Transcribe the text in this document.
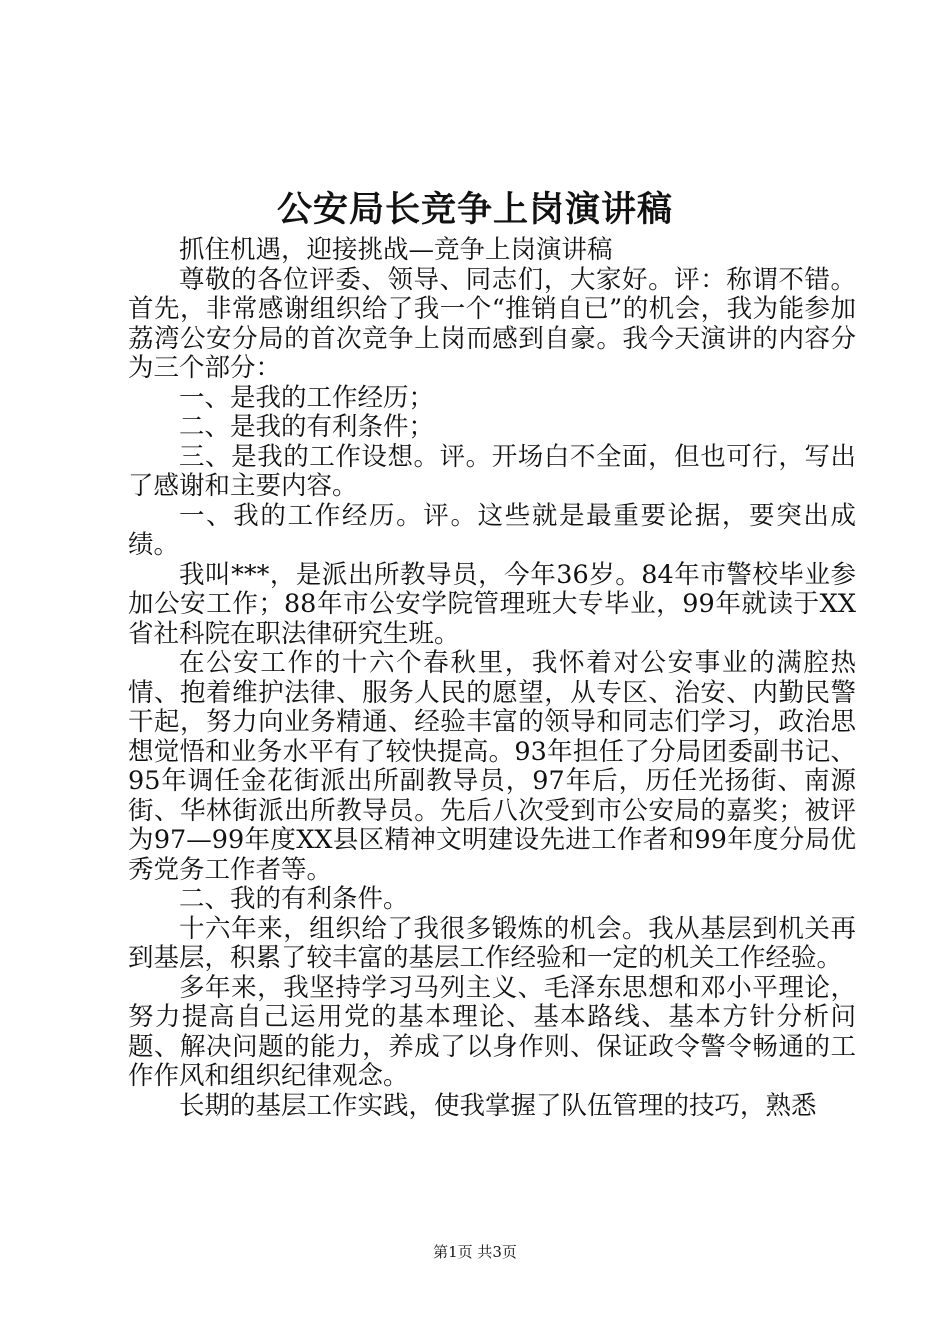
公安局长竞争上岗演讲稿

抓住机遇，迎接挑战—竞争上岗演讲稿

尊敬的各位评委、领导、同志们，大家好。评：称谓不错。首先，非常感谢组织给了我一个“推销自已”的机会，我为能参加荔湾公安分局的首次竞争上岗而感到自豪。我今天演讲的内容分为三个部分：

一、是我的工作经历；

二、是我的有利条件；

三、是我的工作设想。评。开场白不全面，但也可行，写出了感谢和主要内容。

一、我的工作经历。评。这些就是最重要论据，要突出成绩。

我叫***，是派出所教导员，今年36岁。84年市警校毕业参加公安工作；88年市公安学院管理班大专毕业，99年就读于XX省社科院在职法律研究生班。

在公安工作的十六个春秋里，我怀着对公安事业的满腔热情、抱着维护法律、服务人民的愿望，从专区、治安、内勤民警干起，努力向业务精通、经验丰富的领导和同志们学习，政治思想觉悟和业务水平有了较快提高。93年担任了分局团委副书记、95年调任金花街派出所副教导员，97年后，历任光扬街、南源街、华林街派出所教导员。先后八次受到市公安局的嘉奖；被评为97—99年度XX县区精神文明建设先进工作者和99年度分局优秀党务工作者等。

二、我的有利条件。

十六年来，组织给了我很多锻炼的机会。我从基层到机关再到基层，积累了较丰富的基层工作经验和一定的机关工作经验。

多年来，我坚持学习马列主义、毛泽东思想和邓小平理论，努力提高自己运用党的基本理论、基本路线、基本方针分析问题、解决问题的能力，养成了以身作则、保证政令警令畅通的工作作风和组织纪律观念。

长期的基层工作实践，使我掌握了队伍管理的技巧，熟悉

第1页 共3页
